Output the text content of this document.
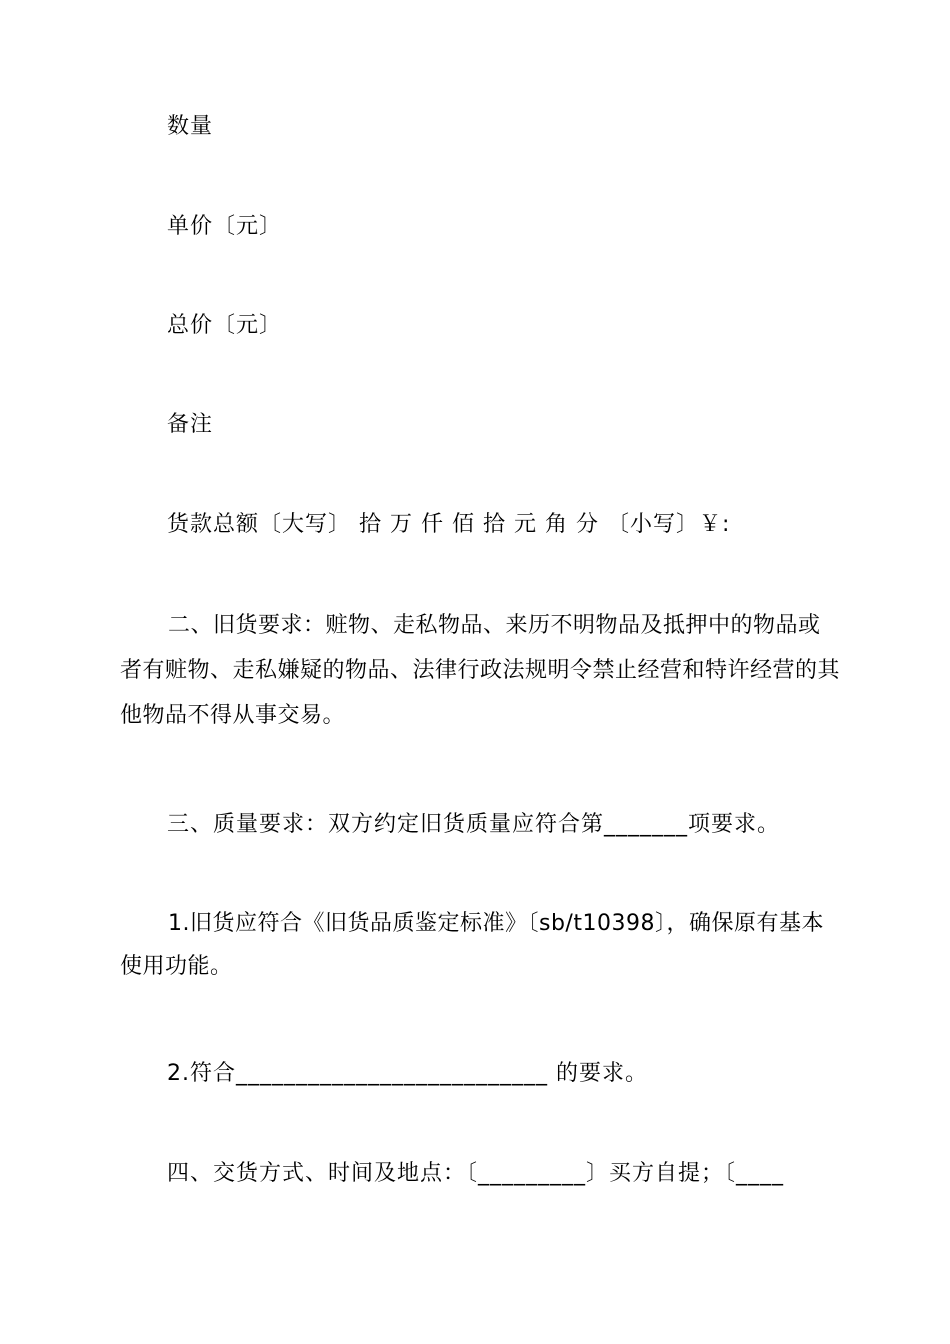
数量
单价〔元〕
总价〔元〕
备注
货款总额〔大写〕 拾 万 仟 佰 拾 元 角 分 〔小写〕￥:

二、旧货要求：赃物、走私物品、来历不明物品及抵押中的物品或者有赃物、走私嫌疑的物品、法律行政法规明令禁止经营和特许经营的其他物品不得从事交易。

三、质量要求：双方约定旧货质量应符合第_______项要求。

1.旧货应符合《旧货品质鉴定标准》〔sb/t10398〕，确保原有基本使用功能。

2.符合__________________________ 的要求。
四、交货方式、时间及地点：〔_________〕买方自提；〔____
